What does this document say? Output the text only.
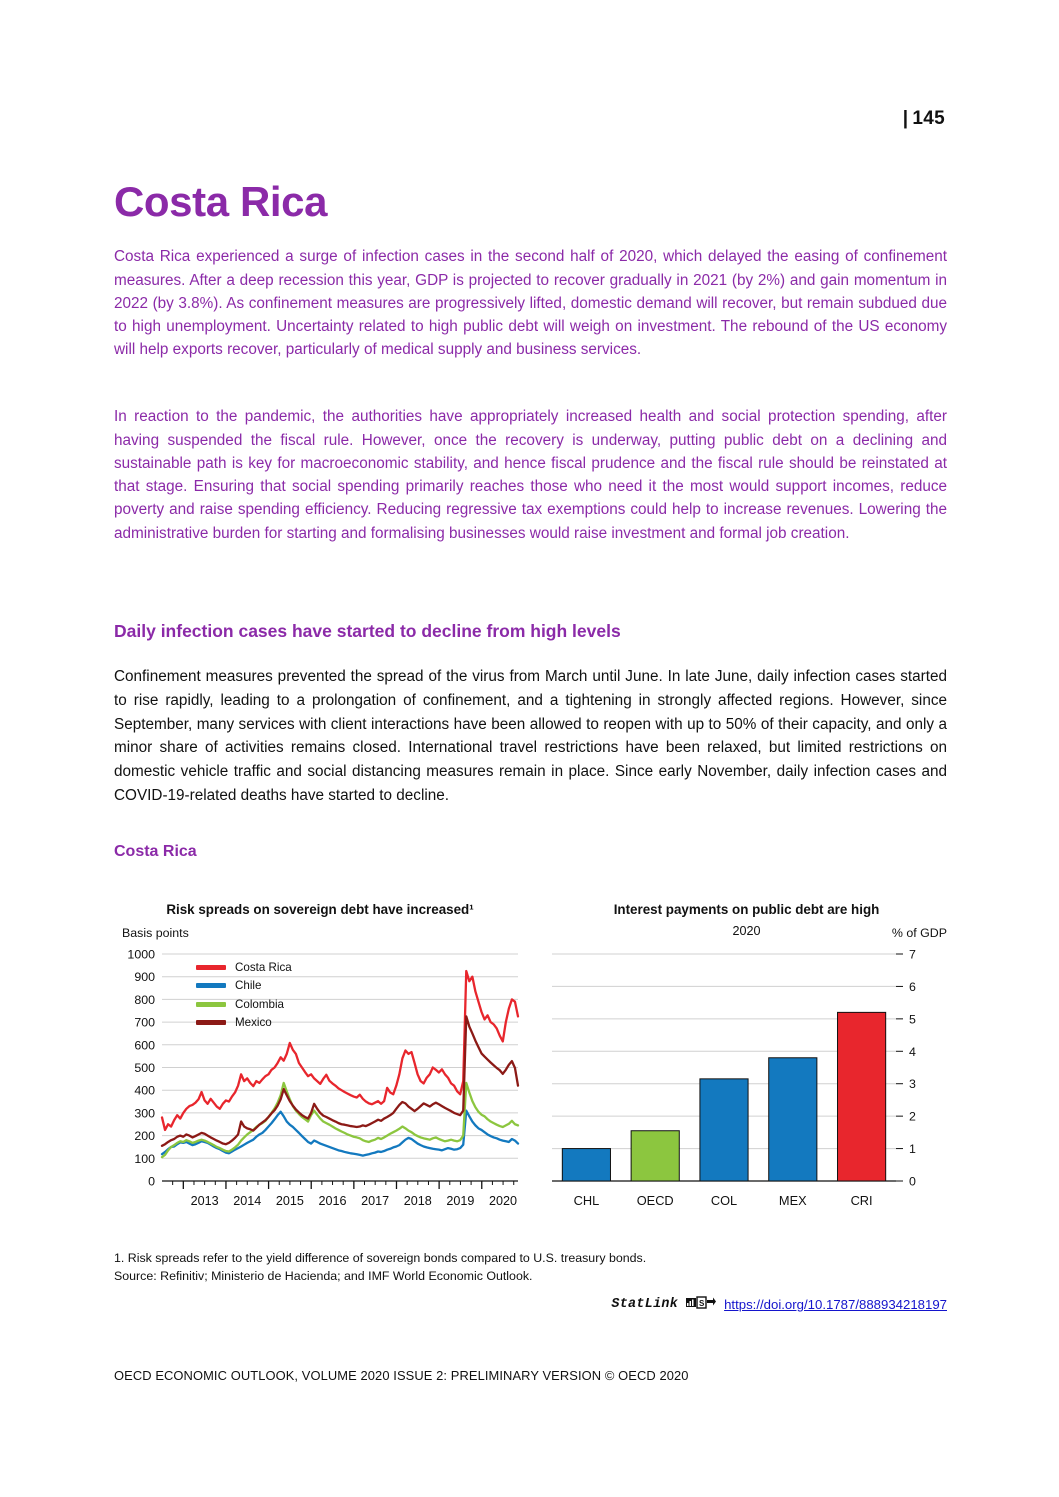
| 145
Costa Rica

Costa Rica experienced a surge of infection cases in the second half of 2020, which delayed the easing of confinement measures. After a deep recession this year, GDP is projected to recover gradually in 2021 (by 2%) and gain momentum in 2022 (by 3.8%). As confinement measures are progressively lifted, domestic demand will recover, but remain subdued due to high unemployment. Uncertainty related to high public debt will weigh on investment. The rebound of the US economy will help exports recover, particularly of medical supply and business services.

In reaction to the pandemic, the authorities have appropriately increased health and social protection spending, after having suspended the fiscal rule. However, once the recovery is underway, putting public debt on a declining and sustainable path is key for macroeconomic stability, and hence fiscal prudence and the fiscal rule should be reinstated at that stage. Ensuring that social spending primarily reaches those who need it the most would support incomes, reduce poverty and raise spending efficiency. Reducing regressive tax exemptions could help to increase revenues. Lowering the administrative burden for starting and formalising businesses would raise investment and formal job creation.

Daily infection cases have started to decline from high levels

Confinement measures prevented the spread of the virus from March until June. In late June, daily infection cases started to rise rapidly, leading to a prolongation of confinement, and a tightening in strongly affected regions. However, since September, many services with client interactions have been allowed to reopen with up to 50% of their capacity, and only a minor share of activities remains closed. International travel restrictions have been relaxed, but limited restrictions on domestic vehicle traffic and social distancing measures remain in place. Since early November, daily infection cases and COVID-19-related deaths have started to decline.

Costa Rica
Risk spreads on sovereign debt have increased¹
Basis points
0
100
200
300
400
500
600
700
800
900
1000
2013 2014 2015 2016 2017 2018 2019 2020
Costa Rica
Chile
Colombia
Mexico
Interest payments on public debt are high
2020	% of GDP
0
1
2
3
4
5
6
7
CHL	OECD	COL	MEX	CRI
1. Risk spreads refer to the yield difference of sovereign bonds compared to U.S. treasury bonds.
Source: Refinitiv; Ministerio de Hacienda; and IMF World Economic Outlook.
StatLink	S https://doi.org/10.1787/888934218197
OECD ECONOMIC OUTLOOK, VOLUME 2020 ISSUE 2: PRELIMINARY VERSION © OECD 2020
